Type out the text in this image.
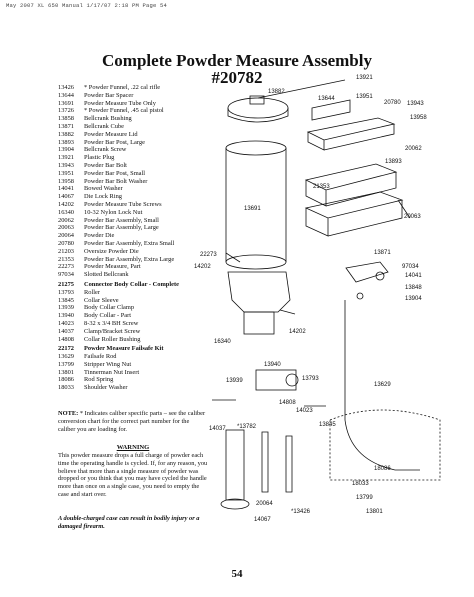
May 2007 XL 650 Manual 1/17/07 2:18 PM Page 54
Complete Powder Measure Assembly
#20782
13426	* Powder Funnel, .22 cal rifle
13644	Powder Bar Spacer
13691	Powder Measure Tube Only
13726	* Powder Funnel, .45 cal pistol
13858	Bellcrank Bushing
13871	Bellcrank Cube
13882	Powder Measure Lid
13893	Powder Bar Post, Large
13904	Bellcrank Screw
13921	Plastic Plug
13943	Powder Bar Bolt
13951	Powder Bar Post, Small
13958	Powder Bar Bolt Washer
14041	Bowed Washer
14067	Die Lock Ring
14202	Powder Measure Tube Screws
16340	10-32 Nylon Lock Nut
20062	Powder Bar Assembly, Small
20063	Powder Bar Assembly, Large
20064	Powder Die
20780	Powder Bar Assembly, Extra Small
21203	Oversize Powder Die
21353	Powder Bar Assembly, Extra Large
22273	Powder Measure, Part
97034	Slotted Bellcrank
21275	Connector Body Collar - Complete
13793	Roller
13845	Collar Sleeve
13939	Body Collar Clamp
13940	Body Collar - Part
14023	8-32 x 3/4 BH Screw
14037	Clamp/Bracket Screw
14808	Collar Roller Bushing
22172	Powder Measure Failsafe Kit
13629	Failsafe Rod
13799	Stripper Wing Nut
13801	Tinnerman Nut Insert
18086	Rod Spring
18033	Shoulder Washer
NOTE: * Indicates caliber specific parts – see the caliber conversion chart for the correct part number for the caliber you are loading for.
WARNING
This powder measure drops a full charge of powder each time the operating handle is cycled. If, for any reason, you believe that more than a single measure of powder was dropped or you think that you may have cycled the handle more than once on a single case, you need to empty the case and start over.
A double-charged case can result in bodily injury or a damaged firearm.
54
13921
13882
13644	13951
20780 13943
13958
20062
13893
13691
21353
20063
22273
14202
13871
97034
14041
13848
13904
14202
16340
13940
13939	13793
13629
14808
14023
13845
14037 *13782
18086
18033
13799
13801
20064
14067
*13426
